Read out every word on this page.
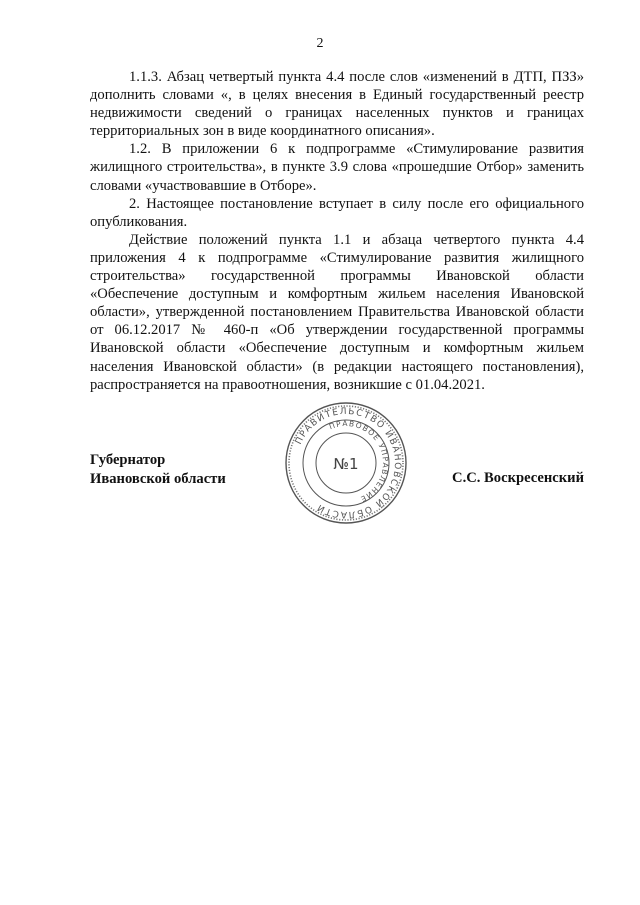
2

1.1.3. Абзац четвертый пункта 4.4 после слов «изменений в ДТП, ПЗЗ» дополнить словами «, в целях внесения в Единый государственный реестр недвижимости сведений о границах населенных пунктов и границах территориальных зон в виде координатного описания».

1.2. В приложении 6 к подпрограмме «Стимулирование развития жилищного строительства», в пункте 3.9 слова «прошедшие Отбор» заменить словами «участвовавшие в Отборе».

2. Настоящее постановление вступает в силу после его официального опубликования.

Действие положений пункта 1.1 и абзаца четвертого пункта 4.4 приложения 4 к подпрограмме «Стимулирование развития жилищного строительства» государственной программы Ивановской области «Обеспечение доступным и комфортным жильем населения Ивановской области», утвержденной постановлением Правительства Ивановской области от 06.12.2017 № 460-п «Об утверждении государственной программы Ивановской области «Обеспечение доступным и комфортным жильем населения Ивановской области» (в редакции настоящего постановления), распространяется на правоотношения, возникшие с 01.04.2021.

Губернатор
Ивановской области
ПРАВИТЕЛЬСТВО ИВАНОВСКОЙ ОБЛАСТИ
ПРАВОВОЕ УПРАВЛЕНИЕ
№1
С.С. Воскресенский
